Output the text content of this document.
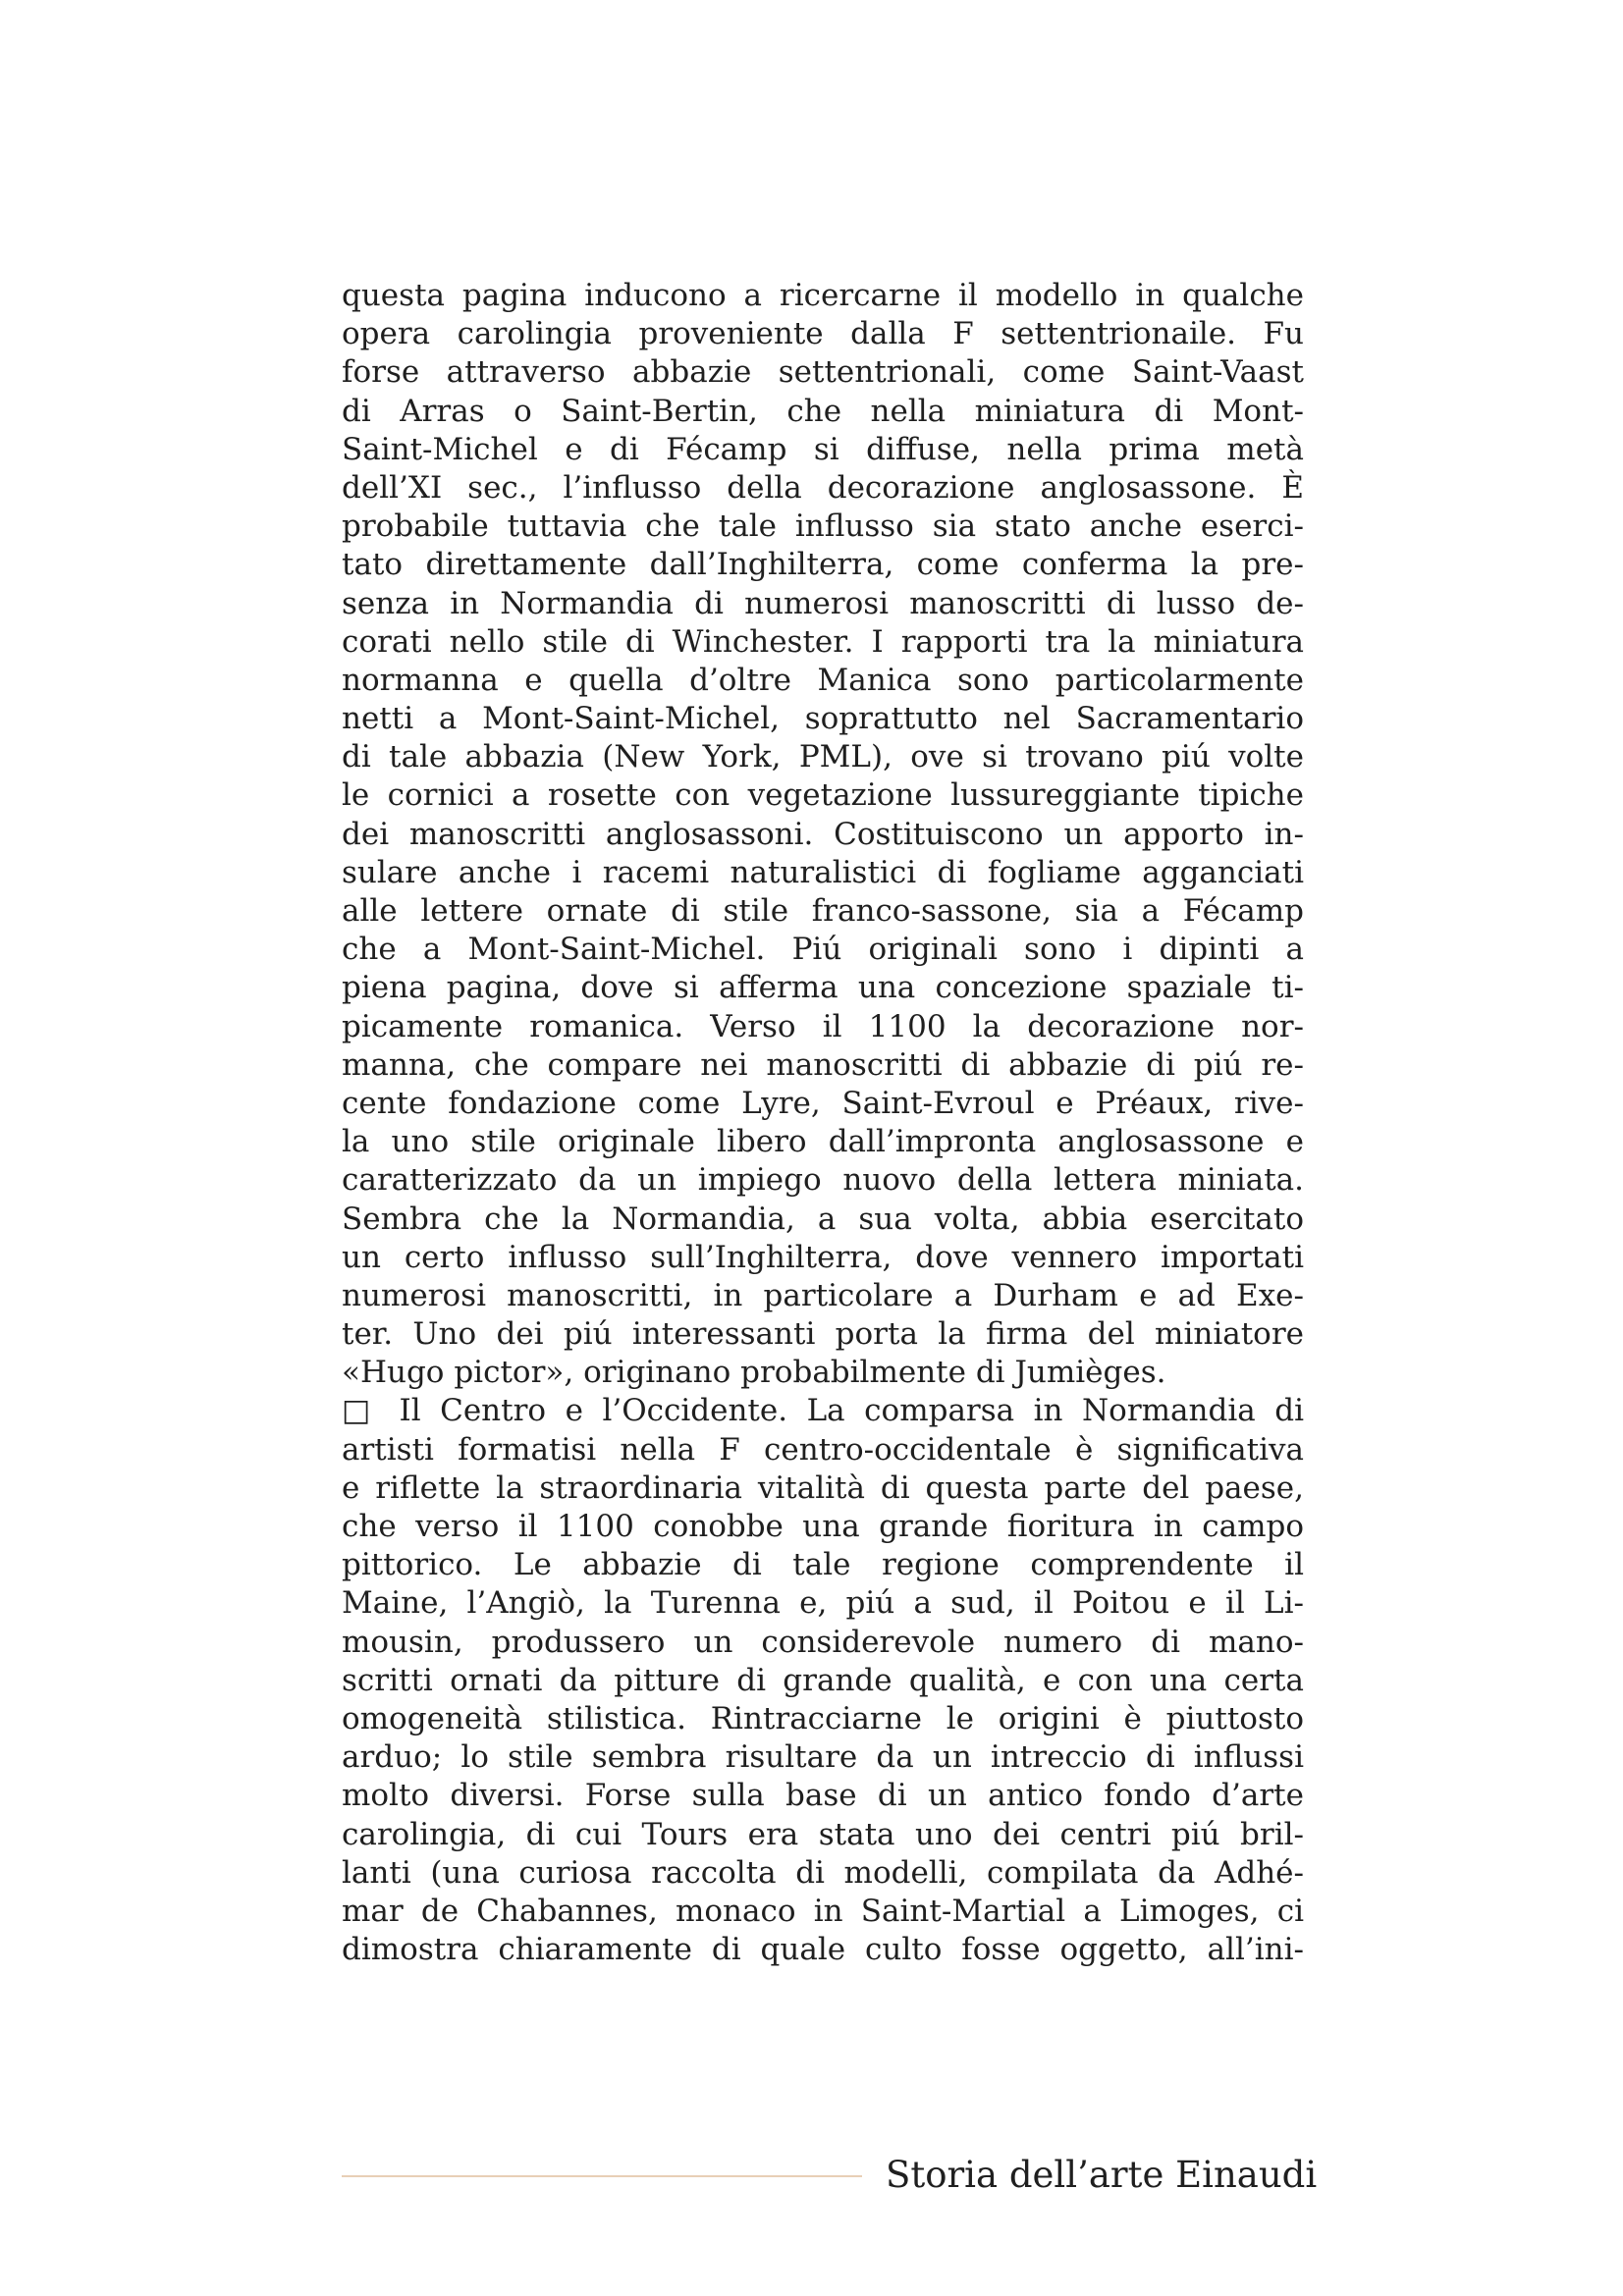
questa pagina inducono a ricercarne il modello in qualche
opera carolingia proveniente dalla F settentrionaile. Fu
forse attraverso abbazie settentrionali, come Saint-Vaast
di Arras o Saint-Bertin, che nella miniatura di Mont-
Saint-Michel e di Fécamp si diffuse, nella prima metà
dell’XI sec., l’influsso della decorazione anglosassone. È
probabile tuttavia che tale influsso sia stato anche eserci-
tato direttamente dall’Inghilterra, come conferma la pre-
senza in Normandia di numerosi manoscritti di lusso de-
corati nello stile di Winchester. I rapporti tra la miniatura
normanna e quella d’oltre Manica sono particolarmente
netti a Mont-Saint-Michel, soprattutto nel Sacramentario
di tale abbazia (New York, PML), ove si trovano piú volte
le cornici a rosette con vegetazione lussureggiante tipiche
dei manoscritti anglosassoni. Costituiscono un apporto in-
sulare anche i racemi naturalistici di fogliame agganciati
alle lettere ornate di stile franco-sassone, sia a Fécamp
che a Mont-Saint-Michel. Piú originali sono i dipinti a
piena pagina, dove si afferma una concezione spaziale ti-
picamente romanica. Verso il 1100 la decorazione nor-
manna, che compare nei manoscritti di abbazie di piú re-
cente fondazione come Lyre, Saint-Evroul e Préaux, rive-
la uno stile originale libero dall’impronta anglosassone e
caratterizzato da un impiego nuovo della lettera miniata.
Sembra che la Normandia, a sua volta, abbia esercitato
un certo influsso sull’Inghilterra, dove vennero importati
numerosi manoscritti, in particolare a Durham e ad Exe-
ter. Uno dei piú interessanti porta la firma del miniatore
«Hugo pictor», originano probabilmente di Jumièges.
□ Il Centro e l’Occidente. La comparsa in Normandia di
artisti formatisi nella F centro-occidentale è significativa
e riflette la straordinaria vitalità di questa parte del paese,
che verso il 1100 conobbe una grande fioritura in campo
pittorico. Le abbazie di tale regione comprendente il
Maine, l’Angiò, la Turenna e, piú a sud, il Poitou e il Li-
mousin, produssero un considerevole numero di mano-
scritti ornati da pitture di grande qualità, e con una certa
omogeneità stilistica. Rintracciarne le origini è piuttosto
arduo; lo stile sembra risultare da un intreccio di influssi
molto diversi. Forse sulla base di un antico fondo d’arte
carolingia, di cui Tours era stata uno dei centri piú bril-
lanti (una curiosa raccolta di modelli, compilata da Adhé-
mar de Chabannes, monaco in Saint-Martial a Limoges, ci
dimostra chiaramente di quale culto fosse oggetto, all’ini-
Storia dell’arte Einaudi
